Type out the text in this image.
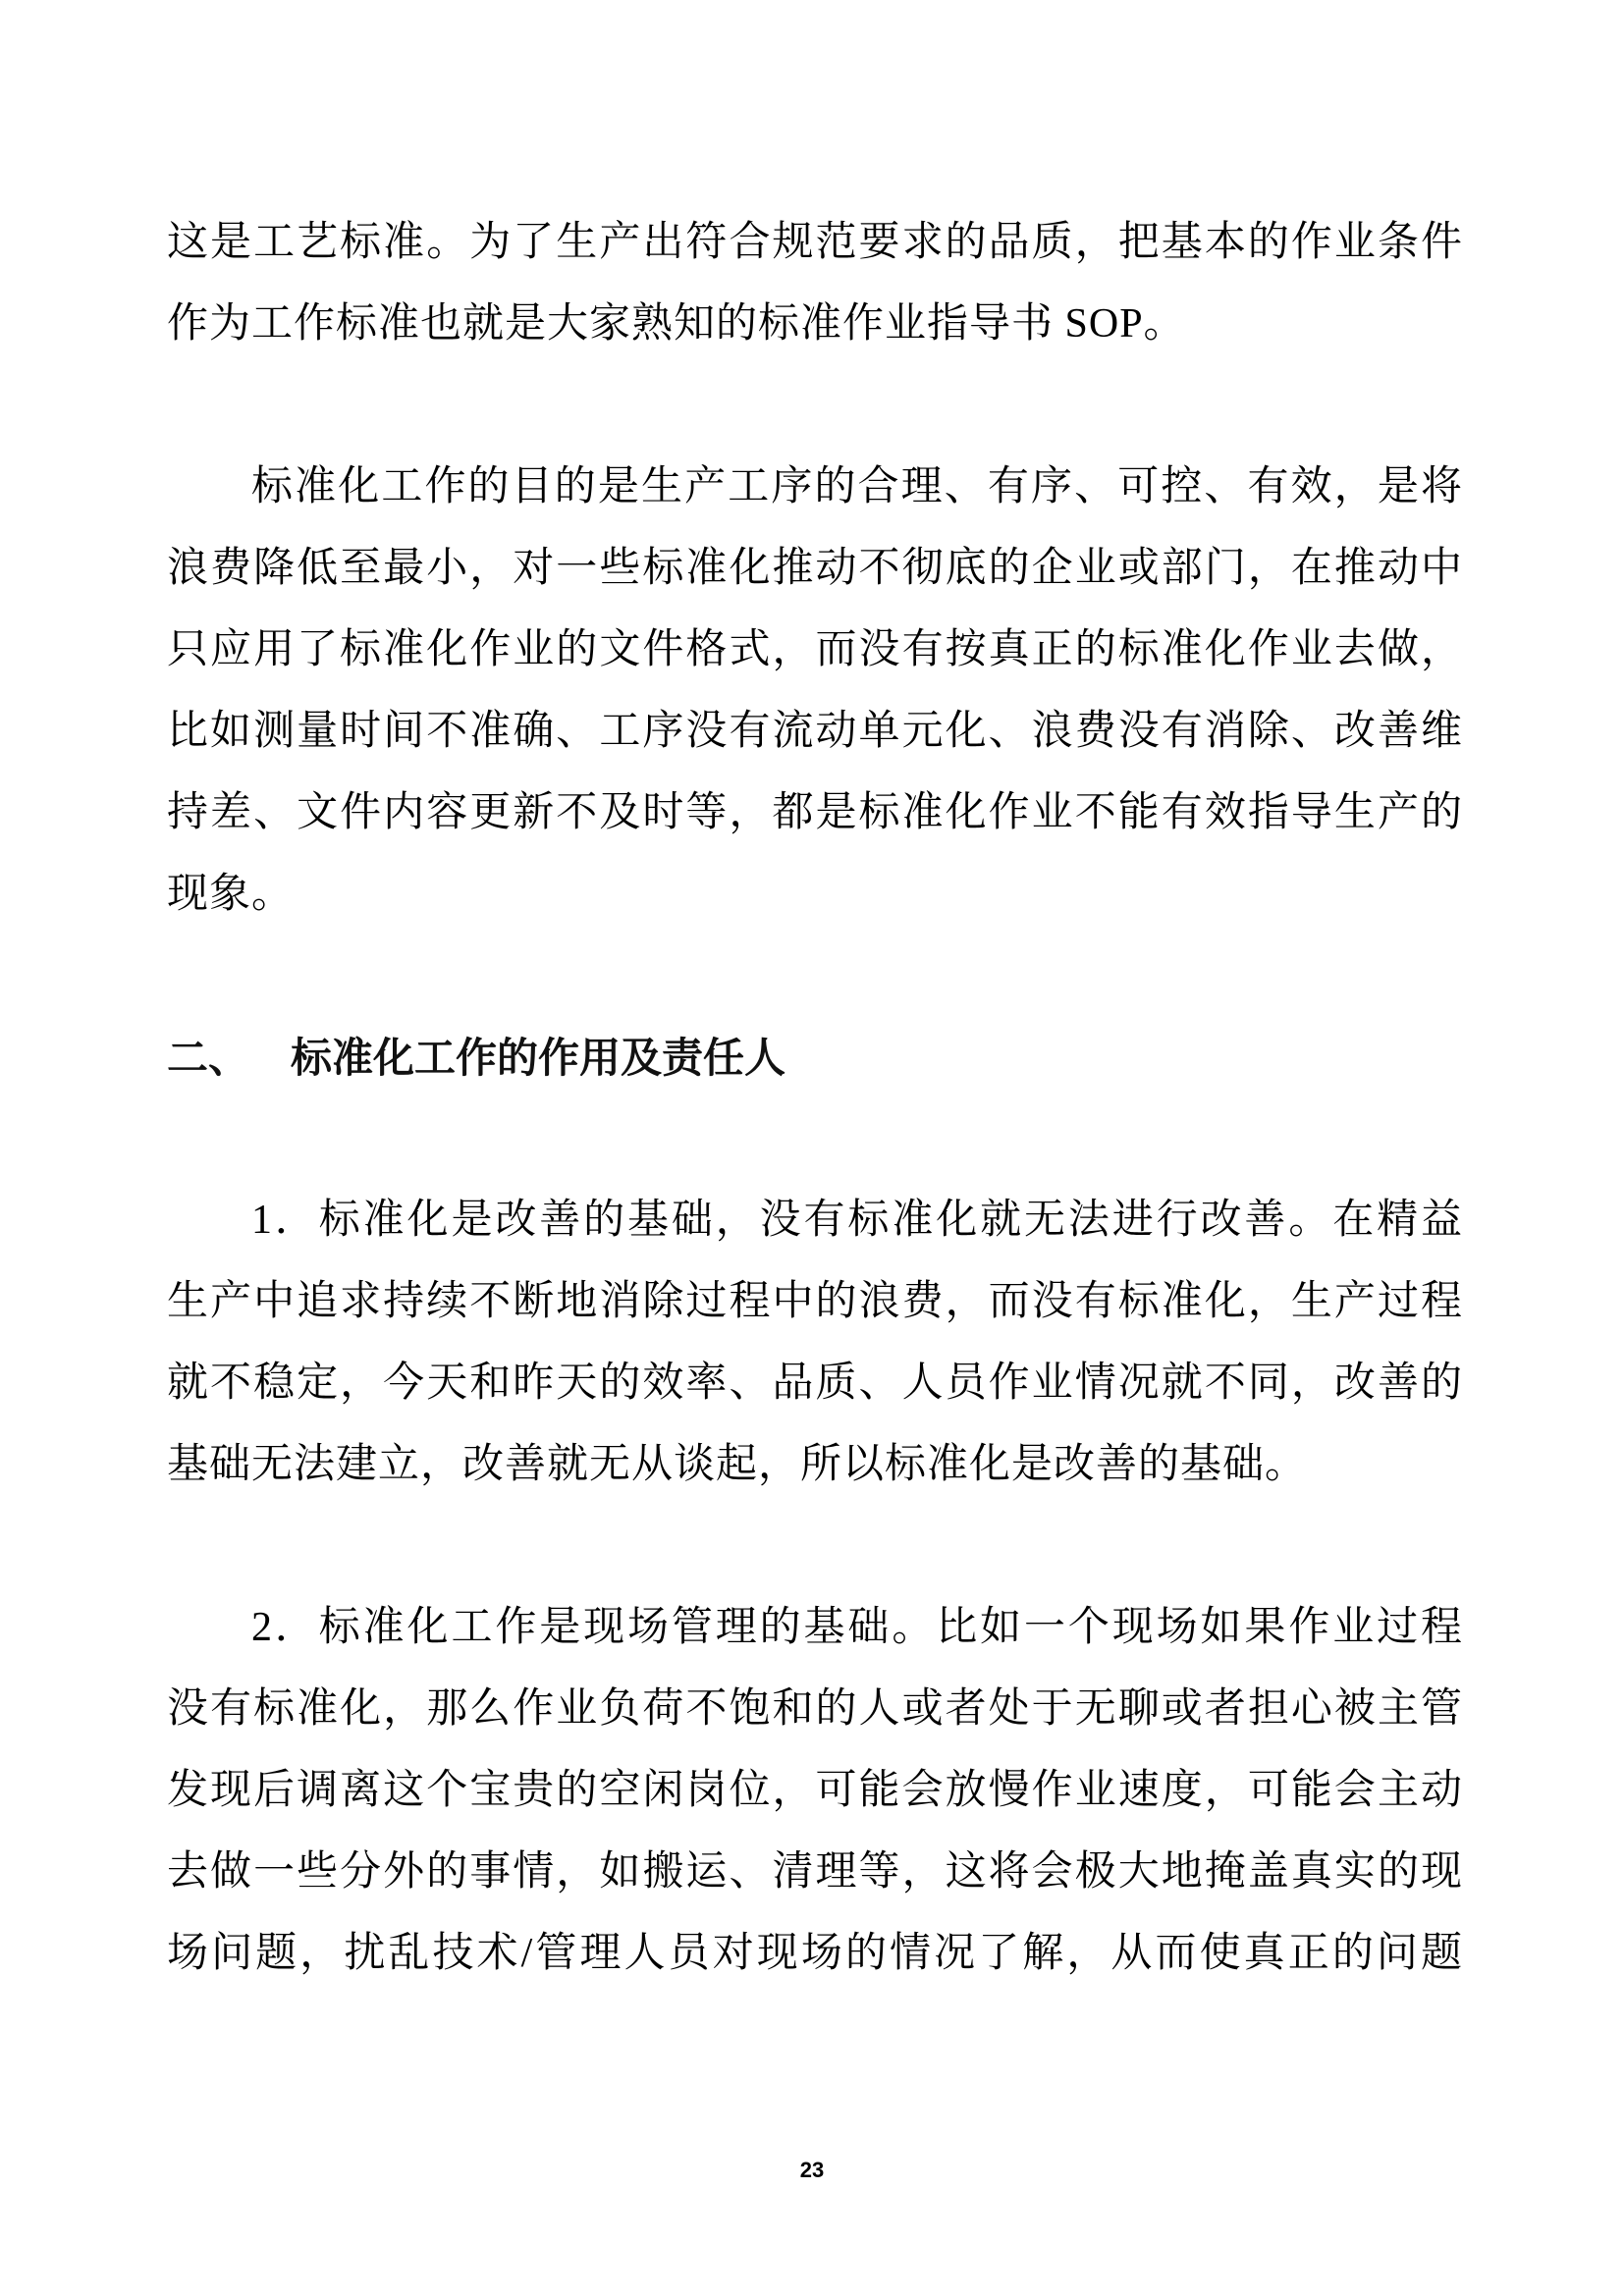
这是工艺标准。为了生产出符合规范要求的品质，把基本的作业条件
作为工作标准也就是大家熟知的标准作业指导书 SOP。
标准化工作的目的是生产工序的合理、有序、可控、有效，是将
浪费降低至最小，对一些标准化推动不彻底的企业或部门，在推动中
只应用了标准化作业的文件格式，而没有按真正的标准化作业去做，
比如测量时间不准确、工序没有流动单元化、浪费没有消除、改善维
持差、文件内容更新不及时等，都是标准化作业不能有效指导生产的
现象。
二、 标准化工作的作用及责任人
1．标准化是改善的基础，没有标准化就无法进行改善。在精益
生产中追求持续不断地消除过程中的浪费，而没有标准化，生产过程
就不稳定，今天和昨天的效率、品质、人员作业情况就不同，改善的
基础无法建立，改善就无从谈起，所以标准化是改善的基础。
2．标准化工作是现场管理的基础。比如一个现场如果作业过程
没有标准化，那么作业负荷不饱和的人或者处于无聊或者担心被主管
发现后调离这个宝贵的空闲岗位，可能会放慢作业速度，可能会主动
去做一些分外的事情，如搬运、清理等，这将会极大地掩盖真实的现
场问题，扰乱技术/管理人员对现场的情况了解，从而使真正的问题
23
